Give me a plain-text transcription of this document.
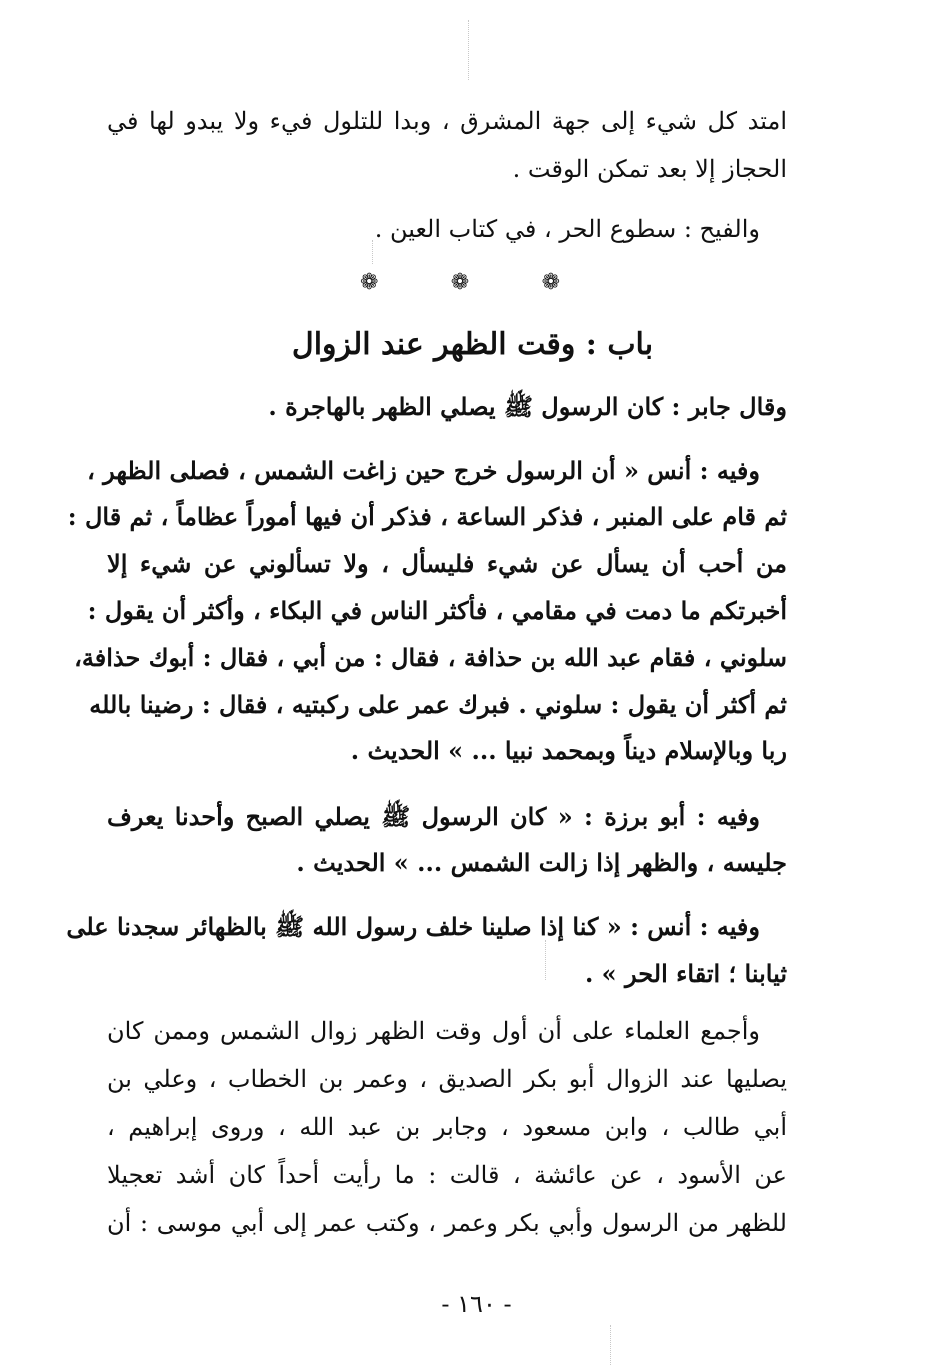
امتد كل شيء إلى جهة المشرق ، وبدا للتلول فيء ولا يبدو لها في
الحجاز إلا بعد تمكن الوقت .
والفيح : سطوع الحر ، في كتاب العين .
❁	❁	❁
باب : وقت الظهر عند الزوال
وقال جابر : كان الرسول ﷺ يصلي الظهر بالهاجرة .
وفيه : أنس « أن الرسول خرج حين زاغت الشمس ، فصلى الظهر ،
ثم قام على المنبر ، فذكر الساعة ، فذكر أن فيها أموراً عظاماً ، ثم قال :
من أحب أن يسأل عن شيء فليسأل ، ولا تسألوني عن شيء إلا
أخبرتكم ما دمت في مقامي ، فأكثر الناس في البكاء ، وأكثر أن يقول :
سلوني ، فقام عبد الله بن حذافة ، فقال : من أبي ، فقال : أبوك حذافة،
ثم أكثر أن يقول : سلوني . فبرك عمر على ركبتيه ، فقال : رضينا بالله
ربا وبالإسلام ديناً وبمحمد نبيا ... » الحديث .
وفيه : أبو برزة : « كان الرسول ﷺ يصلي الصبح وأحدنا يعرف
جليسه ، والظهر إذا زالت الشمس ... » الحديث .
وفيه : أنس : « كنا إذا صلينا خلف رسول الله ﷺ بالظهائر سجدنا على
ثيابنا ؛ اتقاء الحر » .
وأجمع العلماء على أن أول وقت الظهر زوال الشمس وممن كان
يصليها عند الزوال أبو بكر الصديق ، وعمر بن الخطاب ، وعلي بن
أبي طالب ، وابن مسعود ، وجابر بن عبد الله ، وروى إبراهيم ،
عن الأسود ، عن عائشة ، قالت : ما رأيت أحداً كان أشد تعجيلا
للظهر من الرسول وأبي بكر وعمر ، وكتب عمر إلى أبي موسى : أن
- ١٦٠ -
